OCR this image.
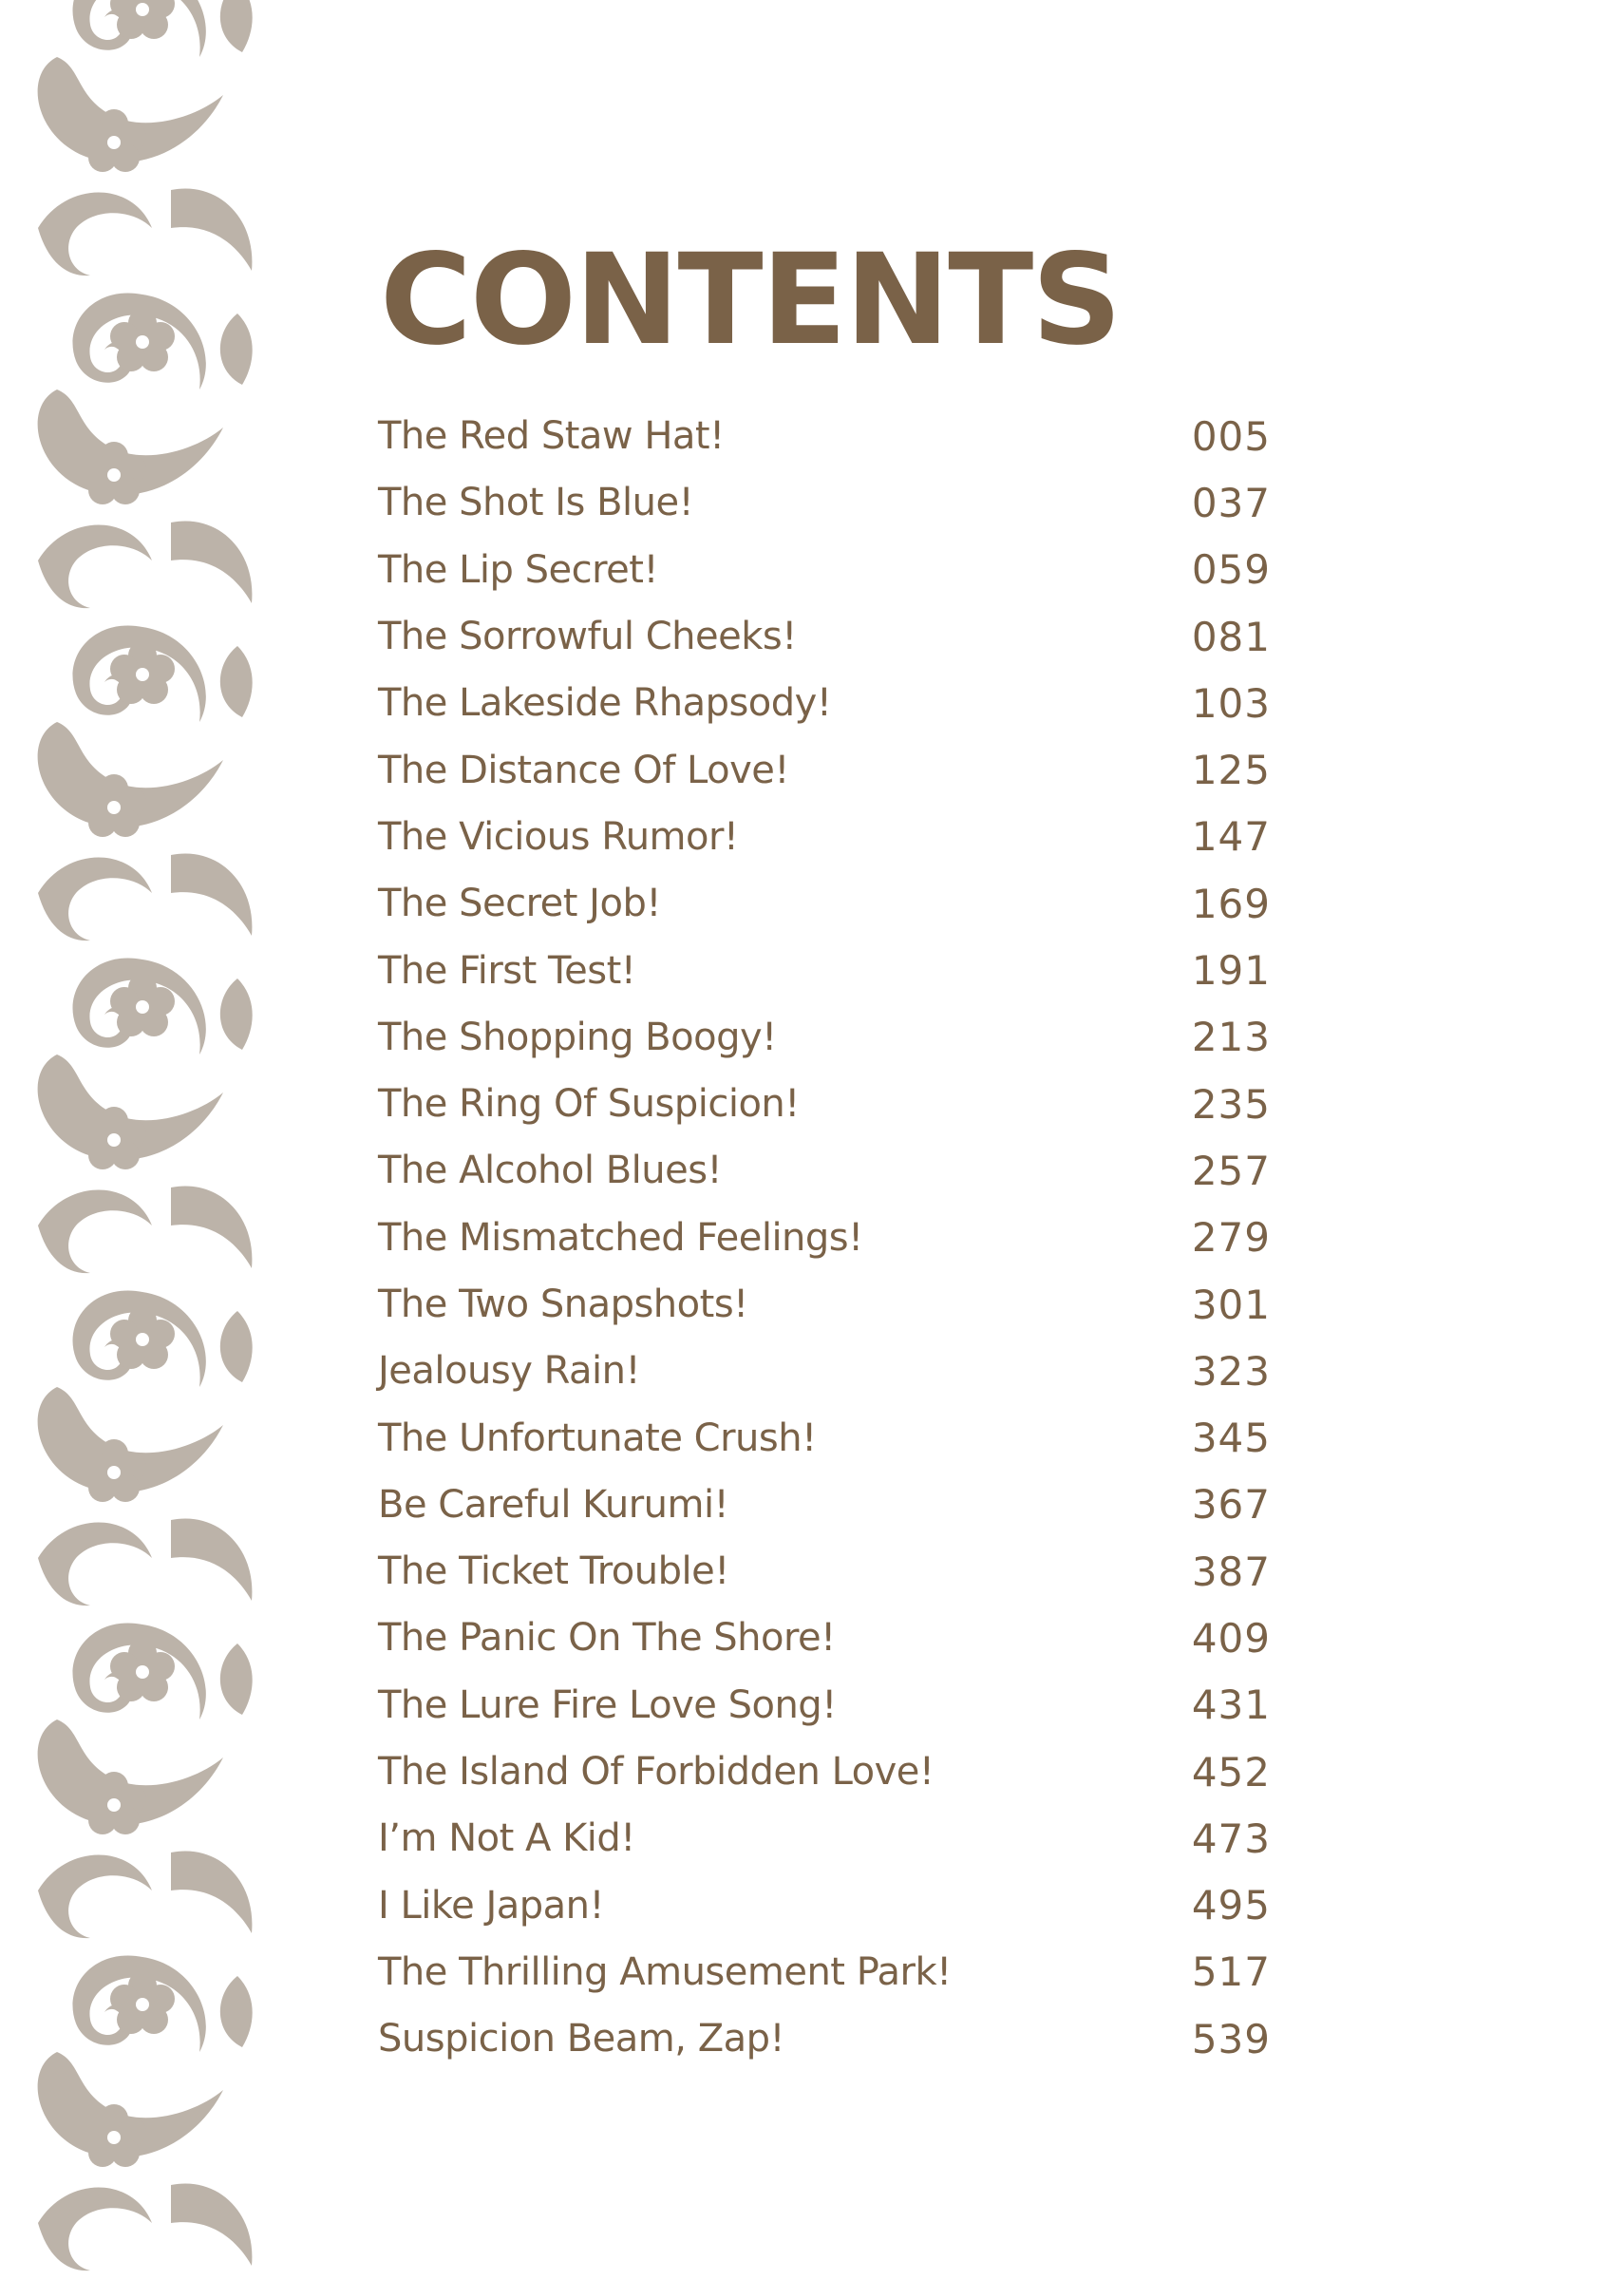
CONTENTS
The Red Staw Hat!	005
The Shot Is Blue!	037
The Lip Secret!	059
The Sorrowful Cheeks!	081
The Lakeside Rhapsody!	103
The Distance Of Love!	125
The Vicious Rumor!	147
The Secret Job!	169
The First Test!	191
The Shopping Boogy!	213
The Ring Of Suspicion!	235
The Alcohol Blues!	257
The Mismatched Feelings!	279
The Two Snapshots!	301
Jealousy Rain!	323
The Unfortunate Crush!	345
Be Careful Kurumi!	367
The Ticket Trouble!	387
The Panic On The Shore!	409
The Lure Fire Love Song!	431
The Island Of Forbidden Love!	452
I’m Not A Kid!	473
I Like Japan!	495
The Thrilling Amusement Park!	517
Suspicion Beam, Zap!	539
